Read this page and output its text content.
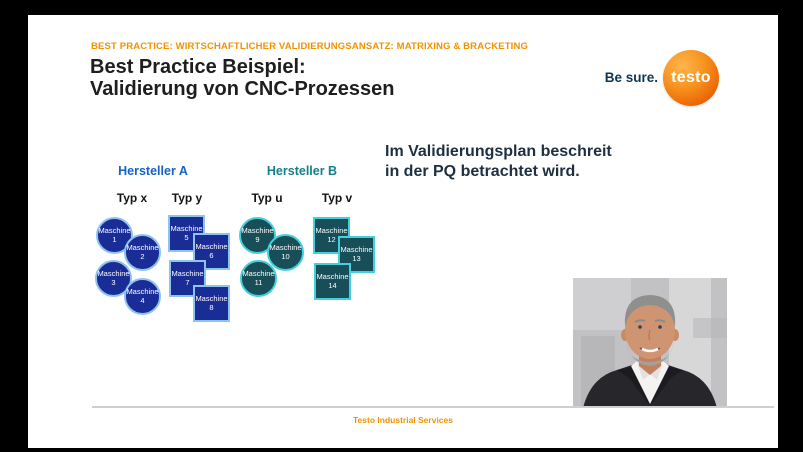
BEST PRACTICE: WIRTSCHAFTLICHER VALIDIERUNGSANSATZ: MATRIXING & BRACKETING
Best Practice Beispiel:
Validierung von CNC-Prozessen
Be sure. testo
Im Validierungsplan beschreit
in der PQ betrachtet wird.
Hersteller A	Hersteller B
Typ x	Typ y	Typ u	Typ v
Maschine
1
Maschine
2
Maschine
3
Maschine
4
Maschine
5
Maschine
6
Maschine
7
Maschine
8
Maschine
9
Maschine
10
Maschine
11
Maschine
12
Maschine
13
Maschine
14
Testo Industrial Services
